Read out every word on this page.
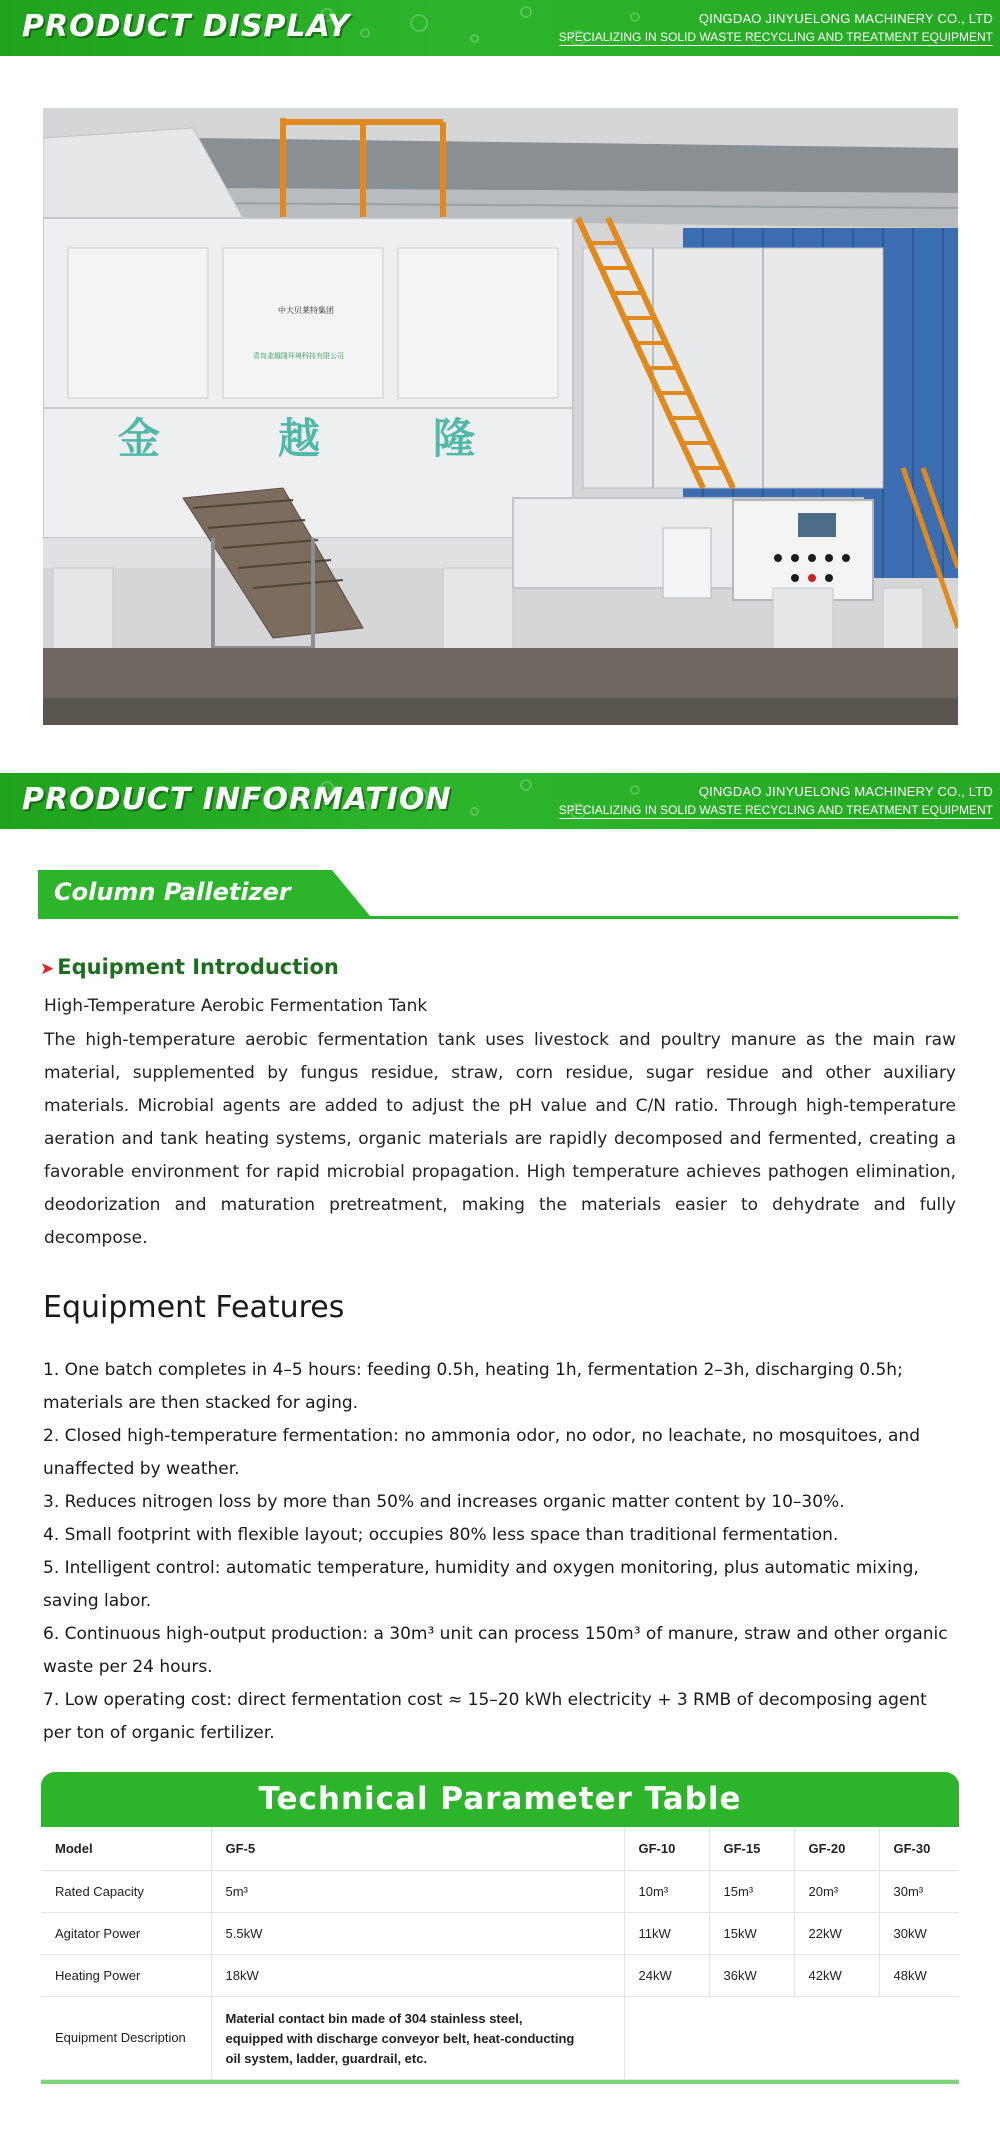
PRODUCT DISPLAY	QINGDAO JINYUELONG MACHINERY CO., LTD
SPECIALIZING IN SOLID WASTE RECYCLING AND TREATMENT EQUIPMENT
中大贝莱特集团
青岛金越隆环境科技有限公司
金	越	隆
PRODUCT INFORMATION	QINGDAO JINYUELONG MACHINERY CO., LTD
SPECIALIZING IN SOLID WASTE RECYCLING AND TREATMENT EQUIPMENT
Column Palletizer
➤ Equipment Introduction
High-Temperature Aerobic Fermentation Tank
The high-temperature aerobic fermentation tank uses livestock and poultry manure as the main raw material, supplemented by fungus residue, straw, corn residue, sugar residue and other auxiliary materials. Microbial agents are added to adjust the pH value and C/N ratio. Through high-temperature aeration and tank heating systems, organic materials are rapidly decomposed and fermented, creating a favorable environment for rapid microbial propagation. High temperature achieves pathogen elimination, deodorization and maturation pretreatment, making the materials easier to dehydrate and fully decompose.
Equipment Features
1. One batch completes in 4–5 hours: feeding 0.5h, heating 1h, fermentation 2–3h, discharging 0.5h; materials are then stacked for aging.
2. Closed high-temperature fermentation: no ammonia odor, no odor, no leachate, no mosquitoes, and unaffected by weather.
3. Reduces nitrogen loss by more than 50% and increases organic matter content by 10–30%.
4. Small footprint with flexible layout; occupies 80% less space than traditional fermentation.
5. Intelligent control: automatic temperature, humidity and oxygen monitoring, plus automatic mixing, saving labor.
6. Continuous high-output production: a 30m³ unit can process 150m³ of manure, straw and other organic waste per 24 hours.
7. Low operating cost: direct fermentation cost ≈ 15–20 kWh electricity + 3 RMB of decomposing agent per ton of organic fertilizer.
Technical Parameter Table
Model	GF-5	GF-10	GF-15	GF-20	GF-30
Rated Capacity	5m³	10m³	15m³	20m³	30m³
Agitator Power	5.5kW	11kW	15kW	22kW	30kW
Heating Power	18kW	24kW	36kW	42kW	48kW
Equipment Description	Material contact bin made of 304 stainless steel,
equipped with discharge conveyor belt, heat-conducting
oil system, ladder, guardrail, etc.				
